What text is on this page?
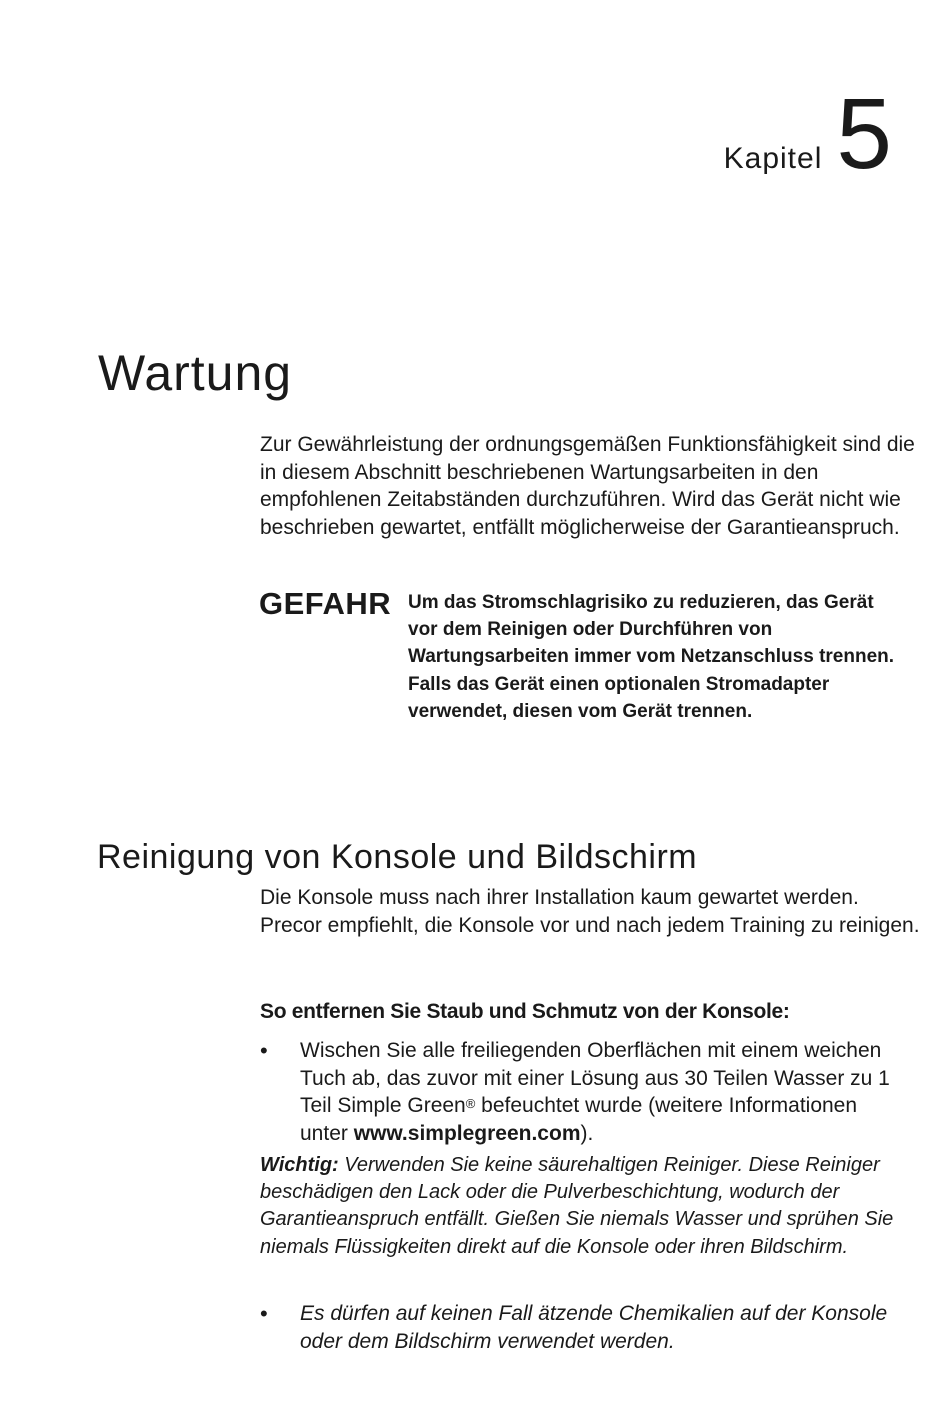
Kapitel 5
Wartung
Zur Gewährleistung der ordnungsgemäßen Funktionsfähigkeit sind die in diesem Abschnitt beschriebenen Wartungsarbeiten in den empfohlenen Zeitabständen durchzuführen. Wird das Gerät nicht wie beschrieben gewartet, entfällt möglicherweise der Garantieanspruch.
GEFAHR Um das Stromschlagrisiko zu reduzieren, das Gerät vor dem Reinigen oder Durchführen von Wartungsarbeiten immer vom Netzanschluss trennen. Falls das Gerät einen optionalen Stromadapter verwendet, diesen vom Gerät trennen.
Reinigung von Konsole und Bildschirm
Die Konsole muss nach ihrer Installation kaum gewartet werden. Precor empfiehlt, die Konsole vor und nach jedem Training zu reinigen.
So entfernen Sie Staub und Schmutz von der Konsole:
•	Wischen Sie alle freiliegenden Oberflächen mit einem weichen Tuch ab, das zuvor mit einer Lösung aus 30 Teilen Wasser zu 1 Teil Simple Green® befeuchtet wurde (weitere Informationen unter www.simplegreen.com).
Wichtig: Verwenden Sie keine säurehaltigen Reiniger. Diese Reiniger beschädigen den Lack oder die Pulverbeschichtung, wodurch der Garantieanspruch entfällt. Gießen Sie niemals Wasser und sprühen Sie niemals Flüssigkeiten direkt auf die Konsole oder ihren Bildschirm.
•	Es dürfen auf keinen Fall ätzende Chemikalien auf der Konsole oder dem Bildschirm verwendet werden.
